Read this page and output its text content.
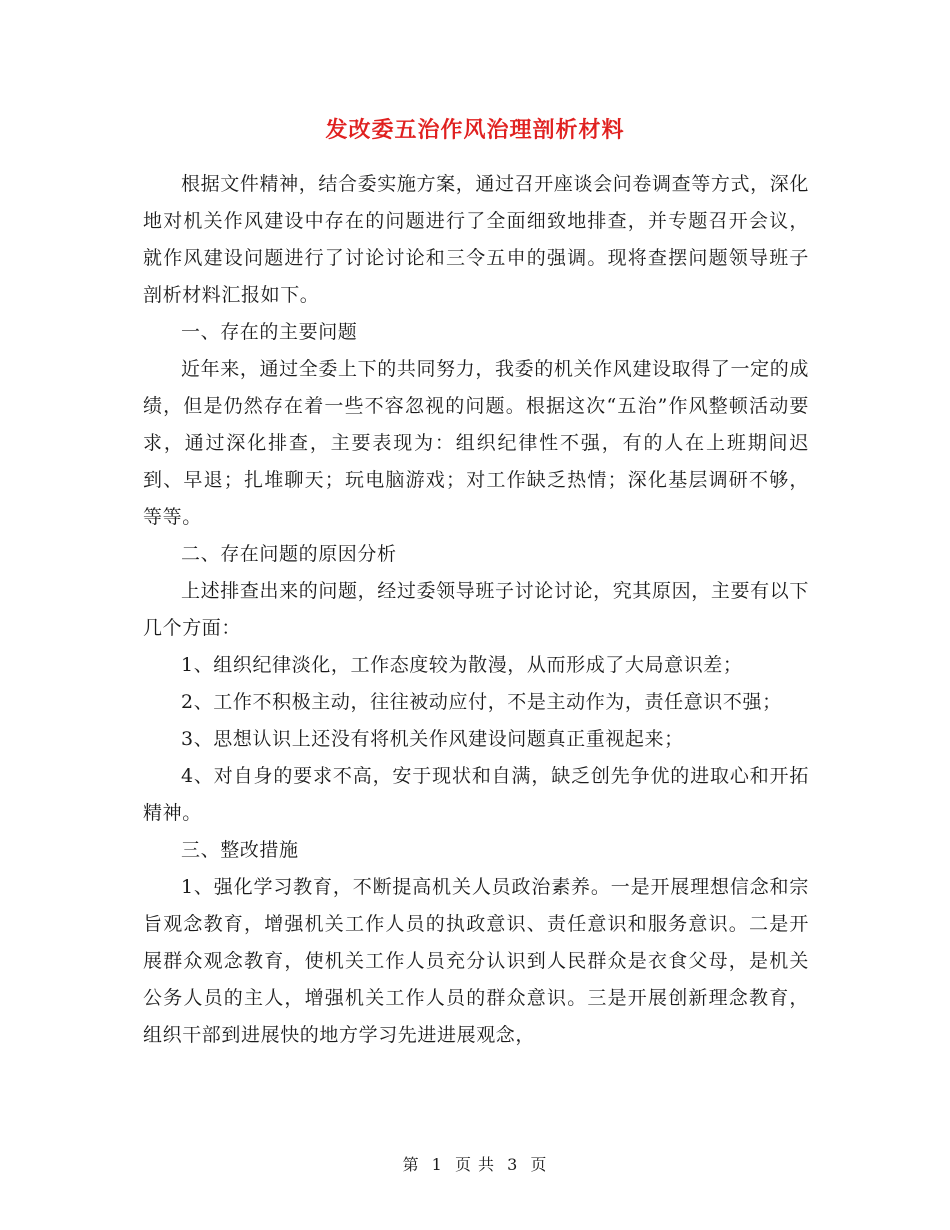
发改委五治作风治理剖析材料

根据文件精神，结合委实施方案，通过召开座谈会问卷调查等方式，深化地对机关作风建设中存在的问题进行了全面细致地排查，并专题召开会议，就作风建设问题进行了讨论讨论和三令五申的强调。现将查摆问题领导班子剖析材料汇报如下。

一、存在的主要问题

近年来，通过全委上下的共同努力，我委的机关作风建设取得了一定的成绩，但是仍然存在着一些不容忽视的问题。根据这次“五治”作风整顿活动要求，通过深化排查，主要表现为：组织纪律性不强，有的人在上班期间迟到、早退；扎堆聊天；玩电脑游戏；对工作缺乏热情；深化基层调研不够，等等。

二、存在问题的原因分析

上述排查出来的问题，经过委领导班子讨论讨论，究其原因，主要有以下几个方面：

1、组织纪律淡化，工作态度较为散漫，从而形成了大局意识差；

2、工作不积极主动，往往被动应付，不是主动作为，责任意识不强；

3、思想认识上还没有将机关作风建设问题真正重视起来；

4、对自身的要求不高，安于现状和自满，缺乏创先争优的进取心和开拓精神。

三、整改措施

1、强化学习教育，不断提高机关人员政治素养。一是开展理想信念和宗旨观念教育，增强机关工作人员的执政意识、责任意识和服务意识。二是开展群众观念教育，使机关工作人员充分认识到人民群众是衣食父母，是机关公务人员的主人，增强机关工作人员的群众意识。三是开展创新理念教育，组织干部到进展快的地方学习先进进展观念，

第 1 页 共 3 页
